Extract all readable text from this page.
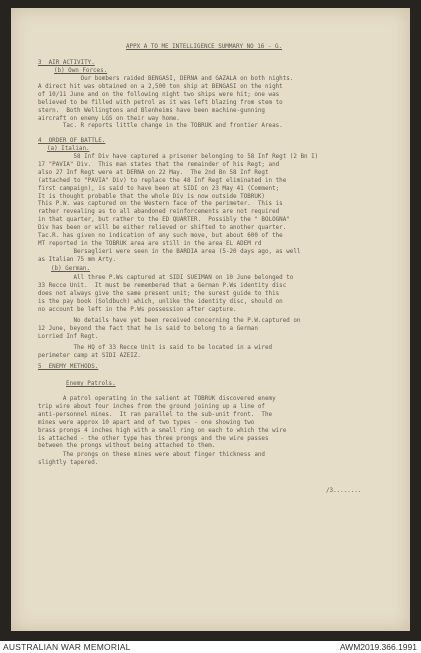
APPX A TO ME INTELLIGENCE SUMMARY NO 16 - G.
3  AIR ACTIVITY.
(b) Own Forces.
Our bombers raided BENGASI, DERNA and GAZALA on both nights.
A direct hit was obtained on a 2,500 ton ship at BENGASI on the night
of 10/11 June and on the following night two ships were hit; one was
believed to be filled with petrol as it was left blazing from stem to
stern.  Both Wellingtons and Blenheims have been machine-gunning
aircraft on enemy LGS on their way home.
Tac. R reports little change in the TOBRUK and frontier Areas.
4  ORDER OF BATTLE.
(a) Italian.
58 Inf Div have captured a prisoner belonging to 58 Inf Regt (2 Bn I)
17 "PAVIA" Div.  This man states that the remainder of his Regt; and
also 27 Inf Regt were at DERNA on 22 May.  The 2nd Bn 58 Inf Regt
(attached to "PAVIA" Div) to replace the 48 Inf Regt eliminated in the
first campaign), is said to have been at SIDI on 23 May 41 (Comment;
It is thought probable that the whole Div is now outside TOBRUK)
This P.W. was captured on the Western face of the perimeter.  This is
rather revealing as to all abandoned reinforcements are not required
in that quarter, but rather to the ED QUARTER.  Possibly the " BOLOGNA"
Div has been or will be either relieved or shifted to another quarter.
Tac.R. has given no indication of any such move, but about 600 of the
MT reported in the TOBRUK area are still in the area EL ADEM rd
Bersaglieri were seen in the BARDIA area (5-20 days ago, as well
as Italian 75 mm Arty.
(b) German.
All three P.Ws captured at SIDI SUEIMAN on 10 June belonged to
33 Recce Unit.  It must be remembered that a German P.Ws identity disc
does not always give the same present unit; the surest guide to this
is the pay book (Soldbuch) which, unlike the identity disc, should on
no account be left in the P.Ws possession after capture.
No details have yet been received concerning the P.W.captured on
12 June, beyond the fact that he is said to belong to a German
Lorried Inf Regt.
The HQ of 33 Recce Unit is said to be located in a wired
perimeter camp at SIDI AZEIZ.
5  ENEMY METHODS.
Enemy Patrols.
A patrol operating in the salient at TOBRUK discovered enemy
trip wire about four inches from the ground joining up a line of
anti-personnel mines.  It ran parallel to the sub-unit front.  The
mines were approx 10 apart and of two types - one showing two
brass prongs 4 inches high with a small ring on each to which the wire
is attached - the other type has three prongs and the wire passes
between the prongs without being attached to them.
The prongs on these mines were about finger thickness and
slightly tapered.
/3........
AUSTRALIAN WAR MEMORIAL	AWM2019.366.1991
